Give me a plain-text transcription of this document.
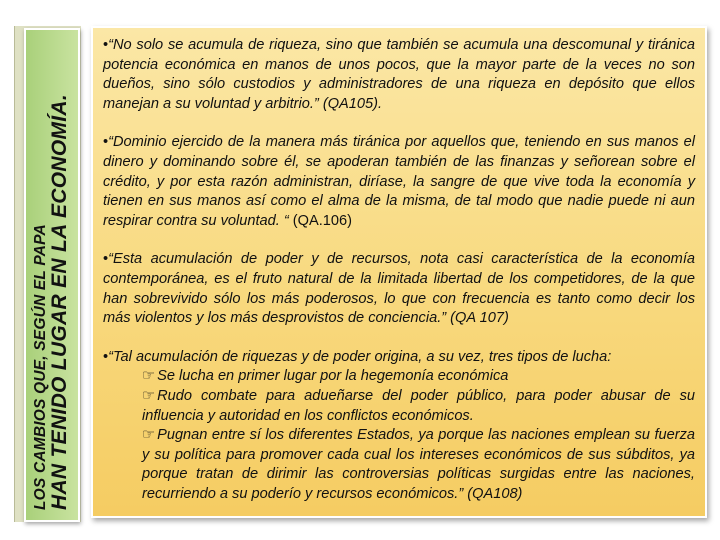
LOS CAMBIOS QUE, SEGÚN EL PAPA HAN TENIDO LUGAR EN LA ECONOMÍA.

•“No solo se acumula de riqueza, sino que también se acumula una descomunal y tiránica potencia económica en manos de unos pocos, que la mayor parte de la veces no son dueños, sino sólo custodios y administradores de una riqueza en depósito que ellos manejan a su voluntad y arbitrio.” (QA105).

•“Dominio ejercido de la manera más tiránica por aquellos que, teniendo en sus manos el dinero y dominando sobre él, se apoderan también de las finanzas y señorean sobre el crédito, y por esta razón administran, diríase, la sangre de que vive toda la economía y tienen en sus manos así como el alma de la misma, de tal modo que nadie puede ni aun respirar contra su voluntad. “ (QA.106)

•“Esta acumulación de poder y de recursos, nota casi característica de la economía contemporánea, es el fruto natural de la limitada libertad de los competidores, de la que han sobrevivido sólo los más poderosos, lo que con frecuencia es tanto como decir los más violentos y los más desprovistos de conciencia.” (QA 107)

•“Tal acumulación de riquezas y de poder origina, a su vez, tres tipos de lucha:

☞ Se lucha en primer lugar por la hegemonía económica

☞ Rudo combate para adueñarse del poder público, para poder abusar de su influencia y autoridad en los conflictos económicos.

☞ Pugnan entre sí los diferentes Estados, ya porque las naciones emplean su fuerza y su política para promover cada cual los intereses económicos de sus súbditos, ya porque tratan de dirimir las controversias políticas surgidas entre las naciones, recurriendo a su poderío y recursos económicos.” (QA108)
